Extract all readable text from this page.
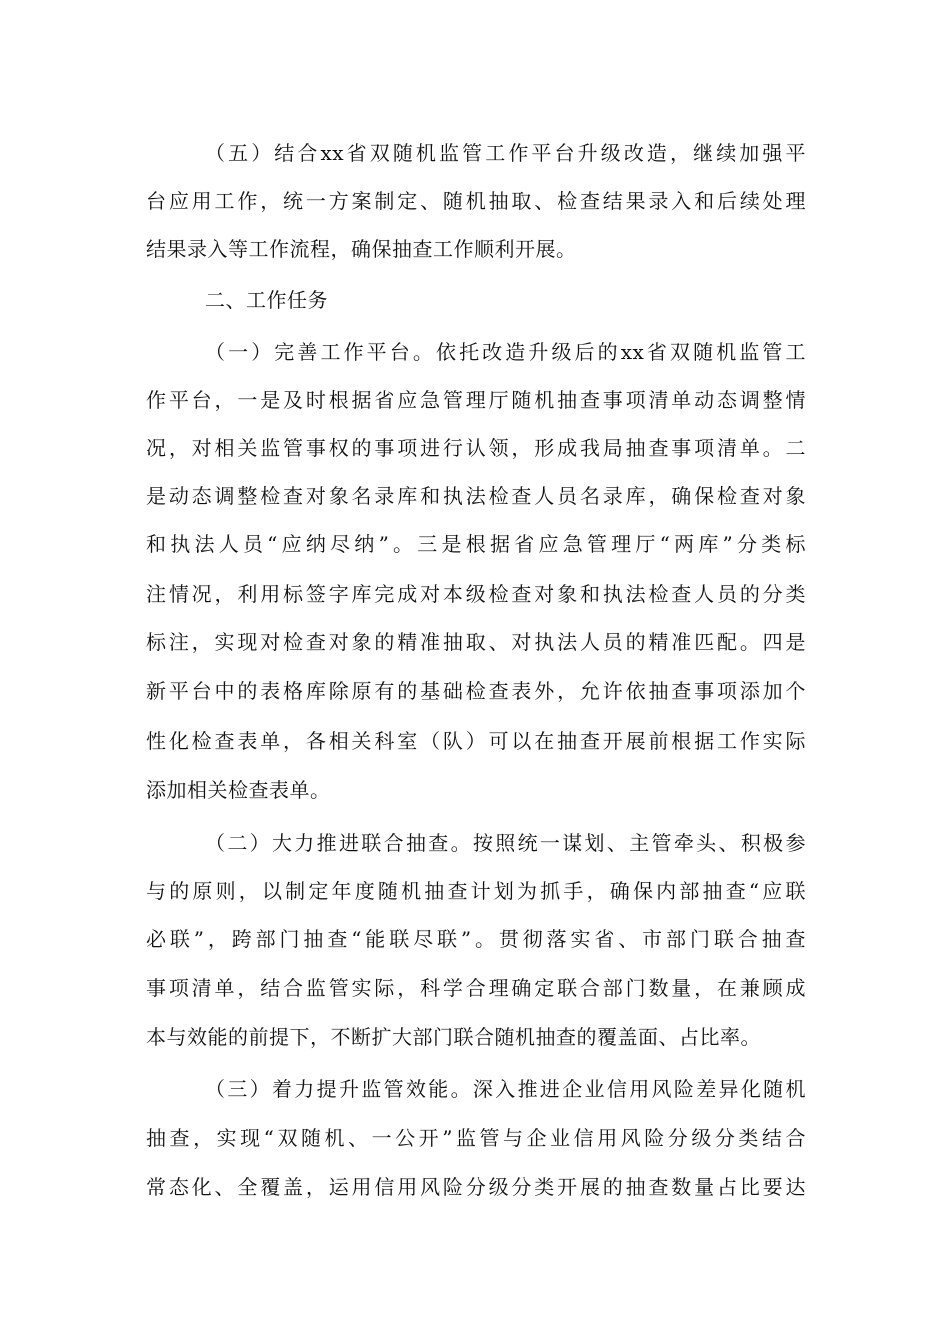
（五）结合xx省双随机监管工作平台升级改造，继续加强平
台应用工作，统一方案制定、随机抽取、检查结果录入和后续处理
结果录入等工作流程，确保抽查工作顺利开展。
二、工作任务
（一）完善工作平台。依托改造升级后的xx省双随机监管工
作平台，一是及时根据省应急管理厅随机抽查事项清单动态调整情
况，对相关监管事权的事项进行认领，形成我局抽查事项清单。二
是动态调整检查对象名录库和执法检查人员名录库，确保检查对象
和执法人员“应纳尽纳”。三是根据省应急管理厅“两库”分类标
注情况，利用标签字库完成对本级检查对象和执法检查人员的分类
标注，实现对检查对象的精准抽取、对执法人员的精准匹配。四是
新平台中的表格库除原有的基础检查表外，允许依抽查事项添加个
性化检查表单，各相关科室（队）可以在抽查开展前根据工作实际
添加相关检查表单。
（二）大力推进联合抽查。按照统一谋划、主管牵头、积极参
与的原则，以制定年度随机抽查计划为抓手，确保内部抽查“应联
必联”，跨部门抽查“能联尽联”。贯彻落实省、市部门联合抽查
事项清单，结合监管实际，科学合理确定联合部门数量，在兼顾成
本与效能的前提下，不断扩大部门联合随机抽查的覆盖面、占比率。
（三）着力提升监管效能。深入推进企业信用风险差异化随机
抽查，实现“双随机、一公开”监管与企业信用风险分级分类结合
常态化、全覆盖，运用信用风险分级分类开展的抽查数量占比要达
